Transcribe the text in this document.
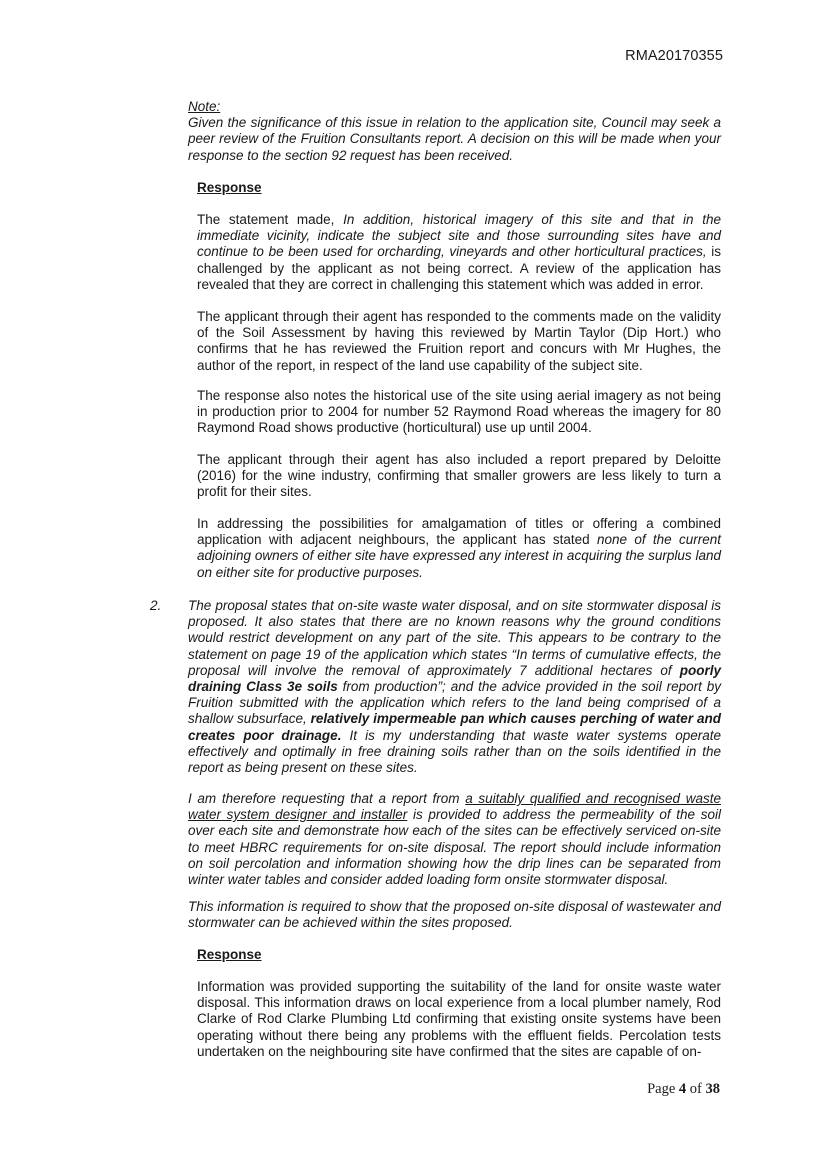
RMA20170355

Note:
Given the significance of this issue in relation to the application site, Council may seek a peer review of the Fruition Consultants report. A decision on this will be made when your response to the section 92 request has been received.

Response

The statement made, In addition, historical imagery of this site and that in the immediate vicinity, indicate the subject site and those surrounding sites have and continue to be been used for orcharding, vineyards and other horticultural practices, is challenged by the applicant as not being correct. A review of the application has revealed that they are correct in challenging this statement which was added in error.

The applicant through their agent has responded to the comments made on the validity of the Soil Assessment by having this reviewed by Martin Taylor (Dip Hort.) who confirms that he has reviewed the Fruition report and concurs with Mr Hughes, the author of the report, in respect of the land use capability of the subject site.

The response also notes the historical use of the site using aerial imagery as not being in production prior to 2004 for number 52 Raymond Road whereas the imagery for 80 Raymond Road shows productive (horticultural) use up until 2004.

The applicant through their agent has also included a report prepared by Deloitte (2016) for the wine industry, confirming that smaller growers are less likely to turn a profit for their sites.

In addressing the possibilities for amalgamation of titles or offering a combined application with adjacent neighbours, the applicant has stated none of the current adjoining owners of either site have expressed any interest in acquiring the surplus land on either site for productive purposes.

2. The proposal states that on-site waste water disposal, and on site stormwater disposal is proposed. It also states that there are no known reasons why the ground conditions would restrict development on any part of the site. This appears to be contrary to the statement on page 19 of the application which states “In terms of cumulative effects, the proposal will involve the removal of approximately 7 additional hectares of poorly draining Class 3e soils from production”; and the advice provided in the soil report by Fruition submitted with the application which refers to the land being comprised of a shallow subsurface, relatively impermeable pan which causes perching of water and creates poor drainage. It is my understanding that waste water systems operate effectively and optimally in free draining soils rather than on the soils identified in the report as being present on these sites.

I am therefore requesting that a report from a suitably qualified and recognised waste water system designer and installer is provided to address the permeability of the soil over each site and demonstrate how each of the sites can be effectively serviced on-site to meet HBRC requirements for on-site disposal. The report should include information on soil percolation and information showing how the drip lines can be separated from winter water tables and consider added loading form onsite stormwater disposal.

This information is required to show that the proposed on-site disposal of wastewater and stormwater can be achieved within the sites proposed.

Response

Information was provided supporting the suitability of the land for onsite waste water disposal. This information draws on local experience from a local plumber namely, Rod Clarke of Rod Clarke Plumbing Ltd confirming that existing onsite systems have been operating without there being any problems with the effluent fields. Percolation tests undertaken on the neighbouring site have confirmed that the sites are capable of on-

Page 4 of 38
